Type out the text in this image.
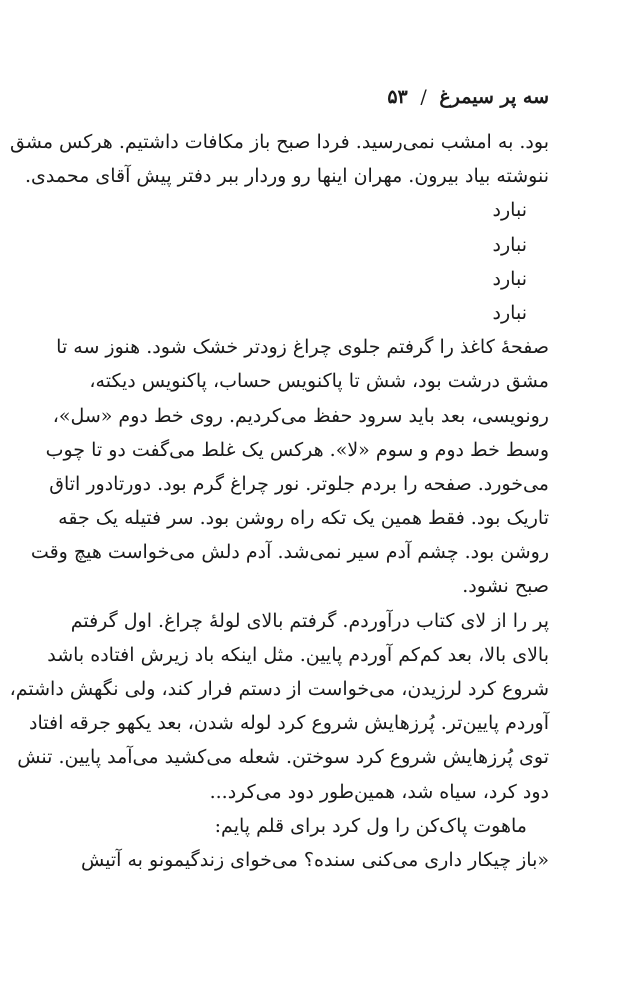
سه پر سیمرغ / ۵۳
بود. به امشب نمی‌رسید. فردا صبح باز مکافات داشتیم. هرکس مشق
ننوشته بیاد بیرون. مهران اینها رو وردار ببر دفتر پیش آقای محمدی.
نبارد
نبارد
نبارد
نبارد
صفحهٔ کاغذ را گرفتم جلوی چراغ زودتر خشک شود. هنوز سه تا
مشق درشت بود، شش تا پاکنویس حساب، پاکنویس دیکته،
رونویسی، بعد باید سرود حفظ می‌کردیم. روی خط دوم «سل»،
وسط خط دوم و سوم «لا». هرکس یک غلط می‌گفت دو تا چوب
می‌خورد. صفحه را بردم جلوتر. نور چراغ گرم بود. دورتادور اتاق
تاریک بود. فقط همین یک تکه راه روشن بود. سر فتیله یک جقه
روشن بود. چشم آدم سیر نمی‌شد. آدم دلش می‌خواست هیچ وقت
صبح نشود.
پر را از لای کتاب درآوردم. گرفتم بالای لولهٔ چراغ. اول گرفتم
بالای بالا، بعد کم‌کم آوردم پایین. مثل اینکه باد زیرش افتاده باشد
شروع کرد لرزیدن، می‌خواست از دستم فرار کند، ولی نگهش داشتم،
آوردم پایین‌تر. پُرزهایش شروع کرد لوله شدن، بعد یکهو جرقه افتاد
توی پُرزهایش شروع کرد سوختن. شعله می‌کشید می‌آمد پایین. تنش
دود کرد، سیاه شد، همین‌طور دود می‌کرد...
ماهوت پاک‌کن را ول کرد برای قلم پایم:
«باز چیکار داری می‌کنی سنده؟ می‌خوای زندگیمونو به آتیش
